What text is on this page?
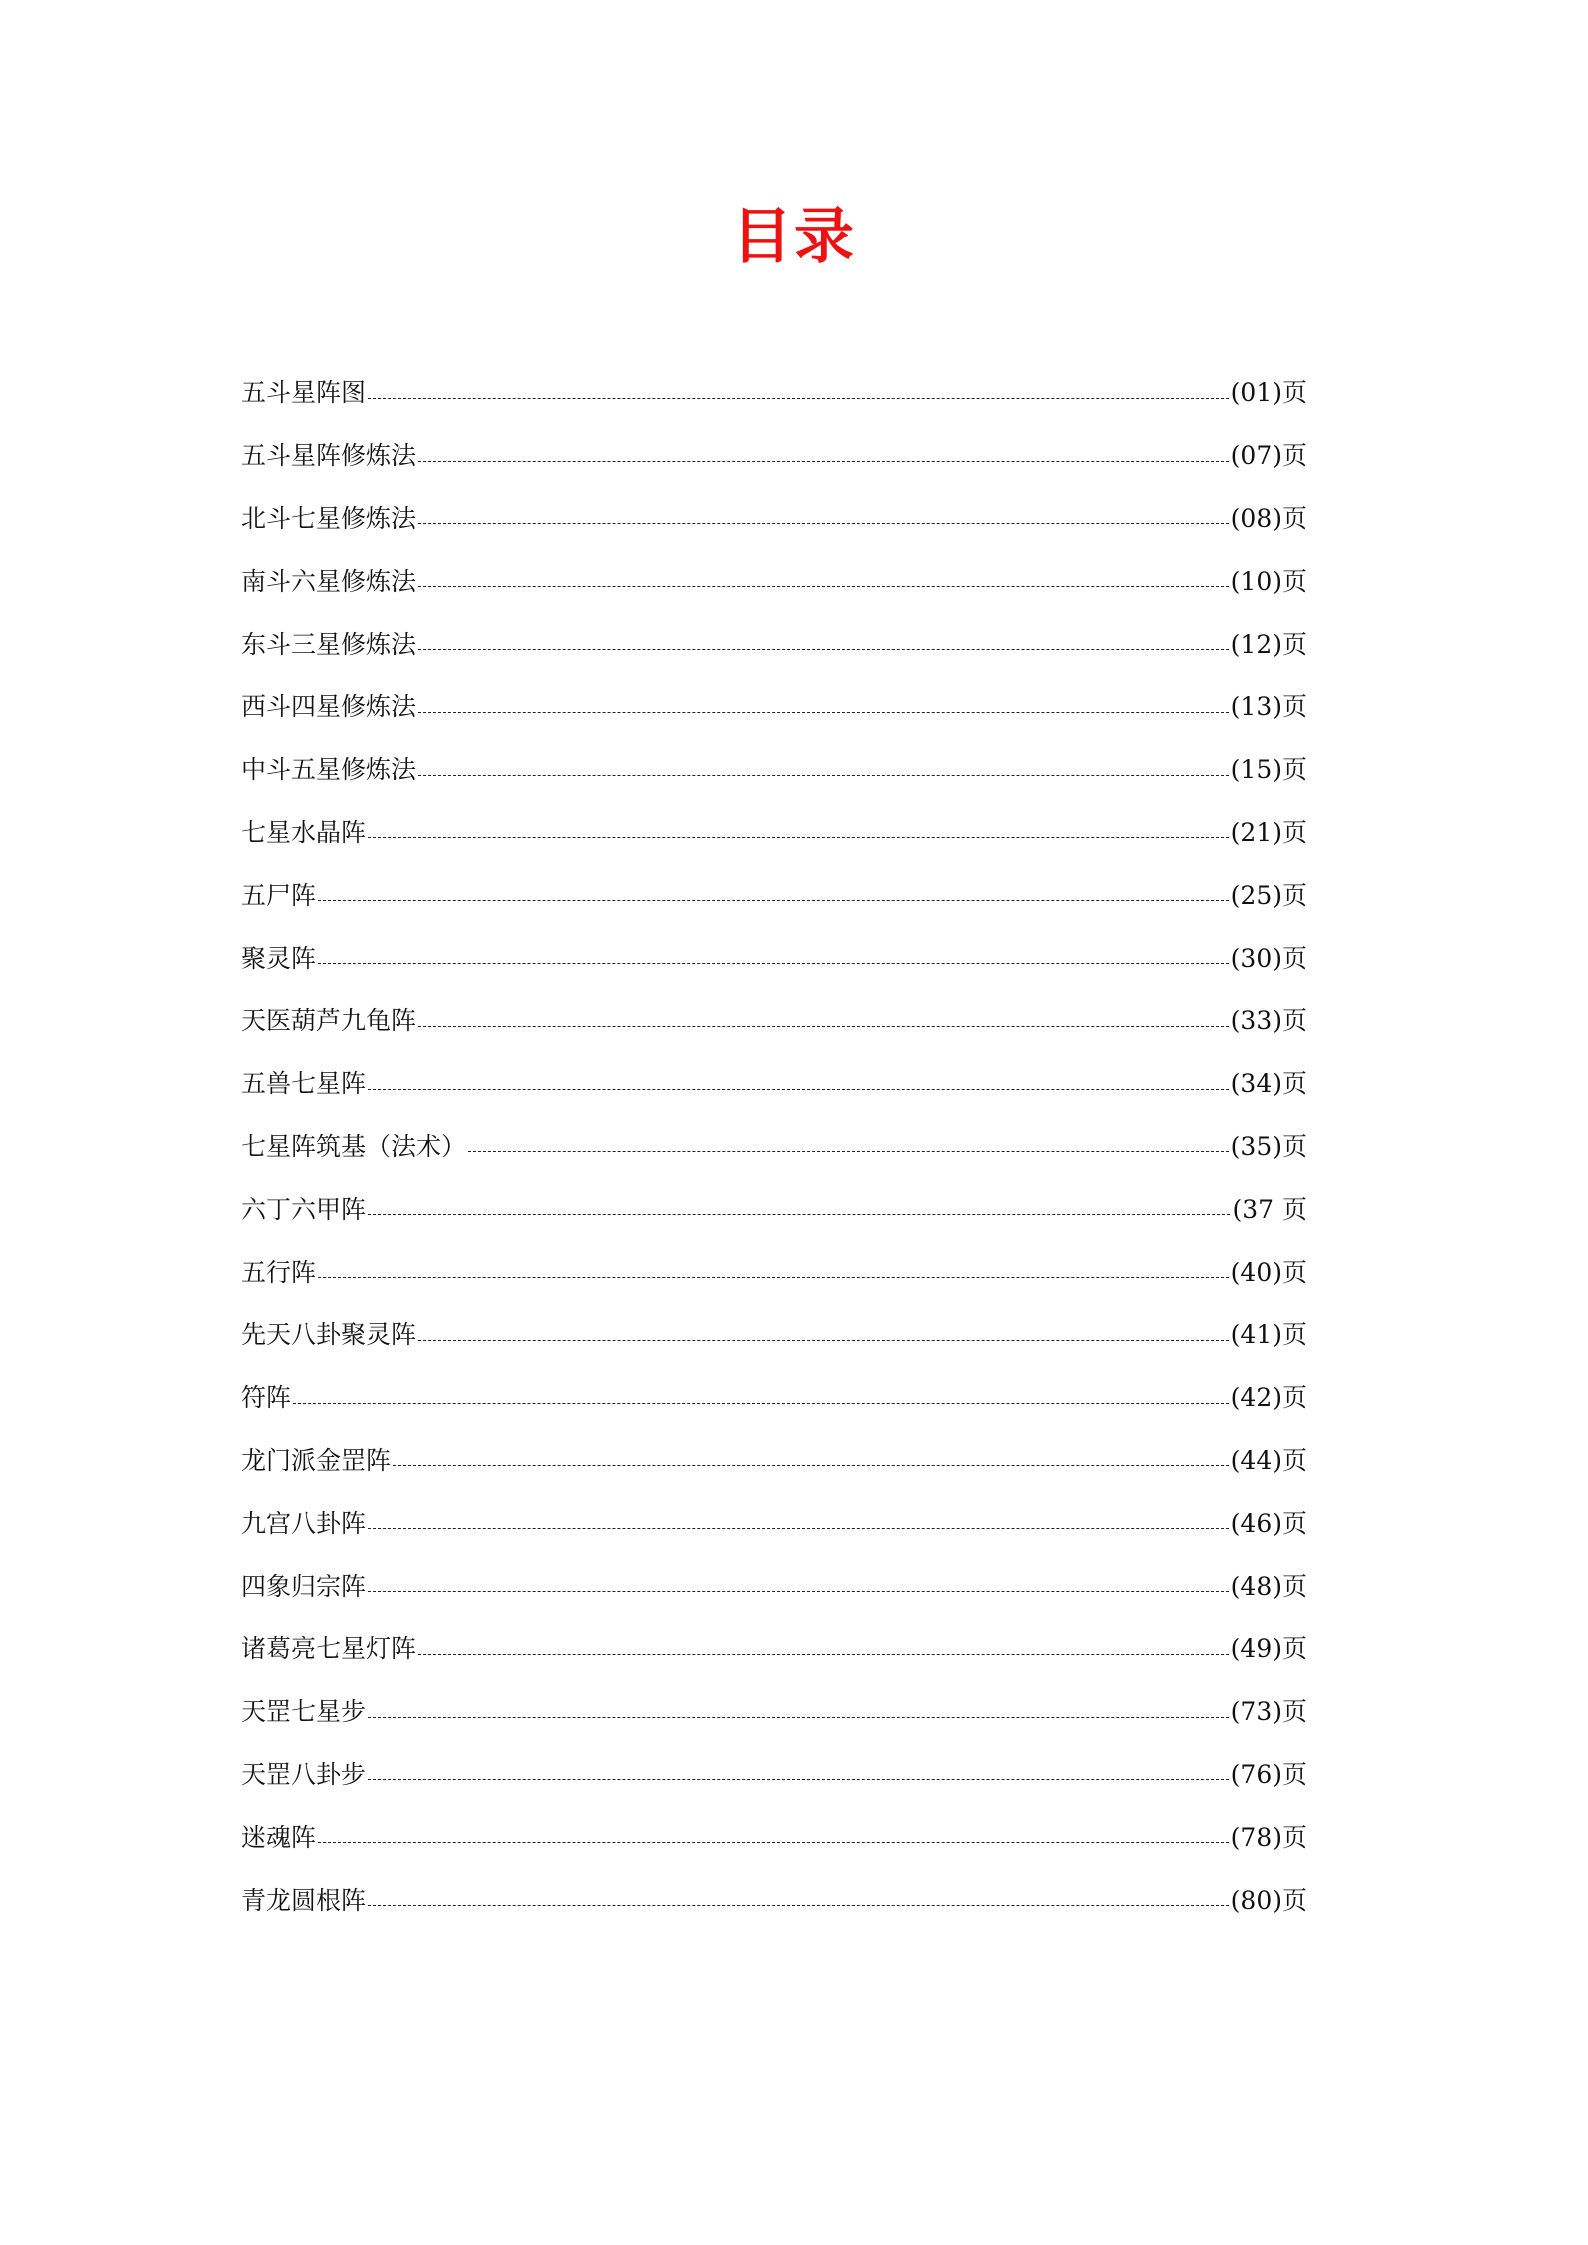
目录
五斗星阵图	(01)页
五斗星阵修炼法	(07)页
北斗七星修炼法	(08)页
南斗六星修炼法	(10)页
东斗三星修炼法	(12)页
西斗四星修炼法	(13)页
中斗五星修炼法	(15)页
七星水晶阵	(21)页
五尸阵	(25)页
聚灵阵	(30)页
天医葫芦九龟阵	(33)页
五兽七星阵	(34)页
七星阵筑基（法术）	(35)页
六丁六甲阵	(37 页
五行阵	(40)页
先天八卦聚灵阵	(41)页
符阵	(42)页
龙门派金罡阵	(44)页
九宫八卦阵	(46)页
四象归宗阵	(48)页
诸葛亮七星灯阵	(49)页
天罡七星步	(73)页
天罡八卦步	(76)页
迷魂阵	(78)页
青龙圆根阵	(80)页
